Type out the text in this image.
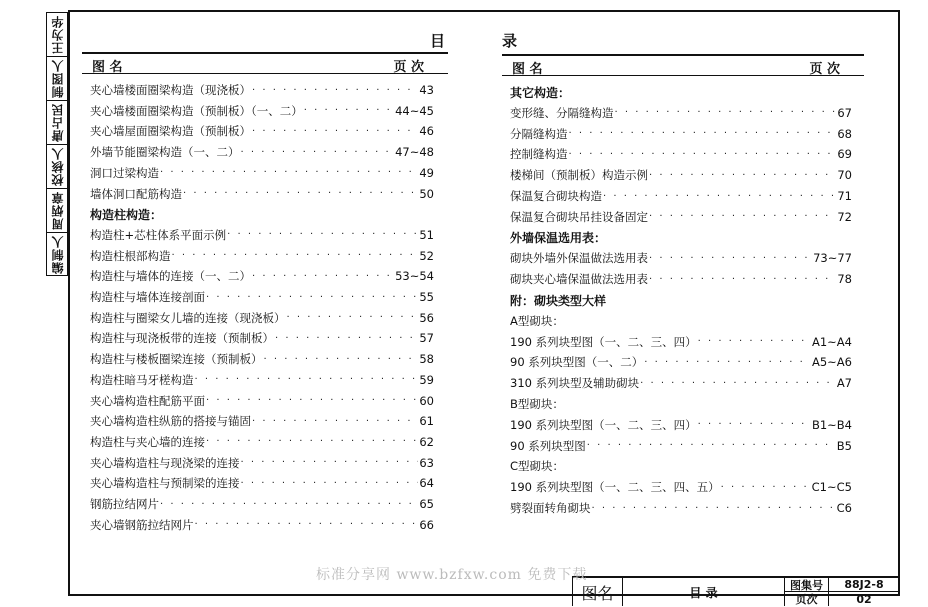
王为华
制图人
唐占民
校核人
周炳章
编制人
目	录
图 名	页 次	图 名	页 次
夹心墙楼面圈梁构造（现浇板） · · ·	43
夹心墙楼面圈梁构造（预制板）（一、二） · · ·	44~45
夹心墙屋面圈梁构造（预制板） · · ·	46
外墙节能圈梁构造（一、二） · · ·	47~48
洞口过梁构造 · · ·	49
墙体洞口配筋构造 · · ·	50
构造柱构造：
构造柱+芯柱体系平面示例 · · ·	51
构造柱根部构造 · · ·	52
构造柱与墙体的连接（一、二） · · ·	53~54
构造柱与墙体连接剖面 · · ·	55
构造柱与圈梁女儿墙的连接（现浇板） · · ·	56
构造柱与现浇板带的连接（预制板） · · ·	57
构造柱与楼板圈梁连接（预制板） · · ·	58
构造柱暗马牙槎构造 · · ·	59
夹心墙构造柱配筋平面 · · ·	60
夹心墙构造柱纵筋的搭接与锚固 · · ·	61
构造柱与夹心墙的连接 · · ·	62
夹心墙构造柱与现浇梁的连接 · · ·	63
夹心墙构造柱与预制梁的连接 · · ·	64
钢筋拉结网片 · · ·	65
夹心墙钢筋拉结网片 · · ·	66
其它构造：
变形缝、分隔缝构造 · · ·	67
分隔缝构造 · · ·	68
控制缝构造 · · ·	69
楼梯间（预制板）构造示例 · · ·	70
保温复合砌块构造 · · ·	71
保温复合砌块吊挂设备固定 · · ·	72
外墙保温选用表：
砌块外墙外保温做法选用表 · · ·	73~77
砌块夹心墙保温做法选用表 · · ·	78
附：砌块类型大样
A型砌块：
190 系列块型图（一、二、三、四） · · ·	A1~A4
90 系列块型图（一、二） · · ·	A5~A6
310 系列块型及辅助砌块 · · ·	A7
B型砌块：
190 系列块型图（一、二、三、四） · · ·	B1~B4
90 系列块型图 · · ·	B5
C型砌块：
190 系列块型图（一、二、三、四、五） · · ·	C1~C5
劈裂面转角砌块 · · ·	C6
图名	目 录
图集号	88J2-8
页次	02
标准分享网 www.bzfxw.com 免费下载
